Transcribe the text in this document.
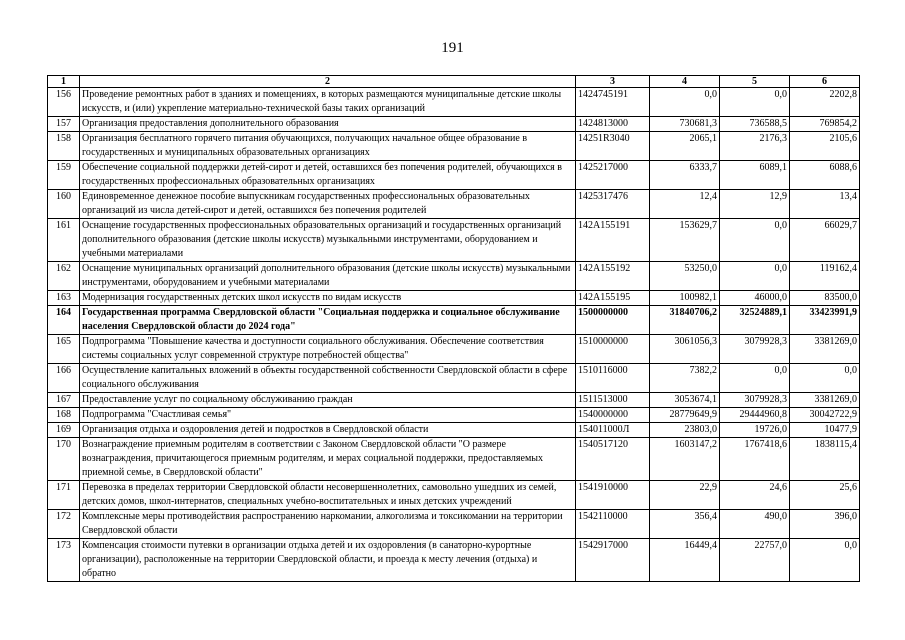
191
1	2	3	4	5	6
156	Проведение ремонтных работ в зданиях и помещениях, в которых размещаются муниципальные детские школы искусств, и (или) укрепление материально-технической базы таких организаций	1424745191	0,0	0,0	2202,8
157	Организация предоставления дополнительного образования	1424813000	730681,3	736588,5	769854,2
158	Организация бесплатного горячего питания обучающихся, получающих начальное общее образование в государственных и муниципальных образовательных организациях	14251R3040	2065,1	2176,3	2105,6
159	Обеспечение социальной поддержки детей-сирот и детей, оставшихся без попечения родителей, обучающихся в государственных профессиональных образовательных организациях	1425217000	6333,7	6089,1	6088,6
160	Единовременное денежное пособие выпускникам государственных профессиональных образовательных организаций из числа детей-сирот и детей, оставшихся без попечения родителей	1425317476	12,4	12,9	13,4
161	Оснащение государственных профессиональных образовательных организаций и государственных организаций дополнительного образования (детские школы искусств) музыкальными инструментами, оборудованием и учебными материалами	142A155191	153629,7	0,0	66029,7
162	Оснащение муниципальных организаций дополнительного образования (детские школы искусств) музыкальными инструментами, оборудованием и учебными материалами	142A155192	53250,0	0,0	119162,4
163	Модернизация государственных детских школ искусств по видам искусств	142A155195	100982,1	46000,0	83500,0
164	Государственная программа Свердловской области "Социальная поддержка и социальное обслуживание населения Свердловской области до 2024 года"	1500000000	31840706,2	32524889,1	33423991,9
165	Подпрограмма "Повышение качества и доступности социального обслуживания. Обеспечение соответствия системы социальных услуг современной структуре потребностей общества"	1510000000	3061056,3	3079928,3	3381269,0
166	Осуществление капитальных вложений в объекты государственной собственности Свердловской области в сфере социального обслуживания	1510116000	7382,2	0,0	0,0
167	Предоставление услуг по социальному обслуживанию граждан	1511513000	3053674,1	3079928,3	3381269,0
168	Подпрограмма "Счастливая семья"	1540000000	28779649,9	29444960,8	30042722,9
169	Организация отдыха и оздоровления детей и подростков в Свердловской области	154011000Л	23803,0	19726,0	10477,9
170	Вознаграждение приемным родителям в соответствии с Законом Свердловской области "О размере вознаграждения, причитающегося приемным родителям, и мерах социальной поддержки, предоставляемых приемной семье, в Свердловской области"	1540517120	1603147,2	1767418,6	1838115,4
171	Перевозка в пределах территории Свердловской области несовершеннолетних, самовольно ушедших из семей, детских домов, школ-интернатов, специальных учебно-воспитательных и иных детских учреждений	1541910000	22,9	24,6	25,6
172	Комплексные меры противодействия распространению наркомании, алкоголизма и токсикомании на территории Свердловской области	1542110000	356,4	490,0	396,0
173	Компенсация стоимости путевки в организации отдыха детей и их оздоровления (в санаторно-курортные организации), расположенные на территории Свердловской области, и проезда к месту лечения (отдыха) и обратно	1542917000	16449,4	22757,0	0,0
